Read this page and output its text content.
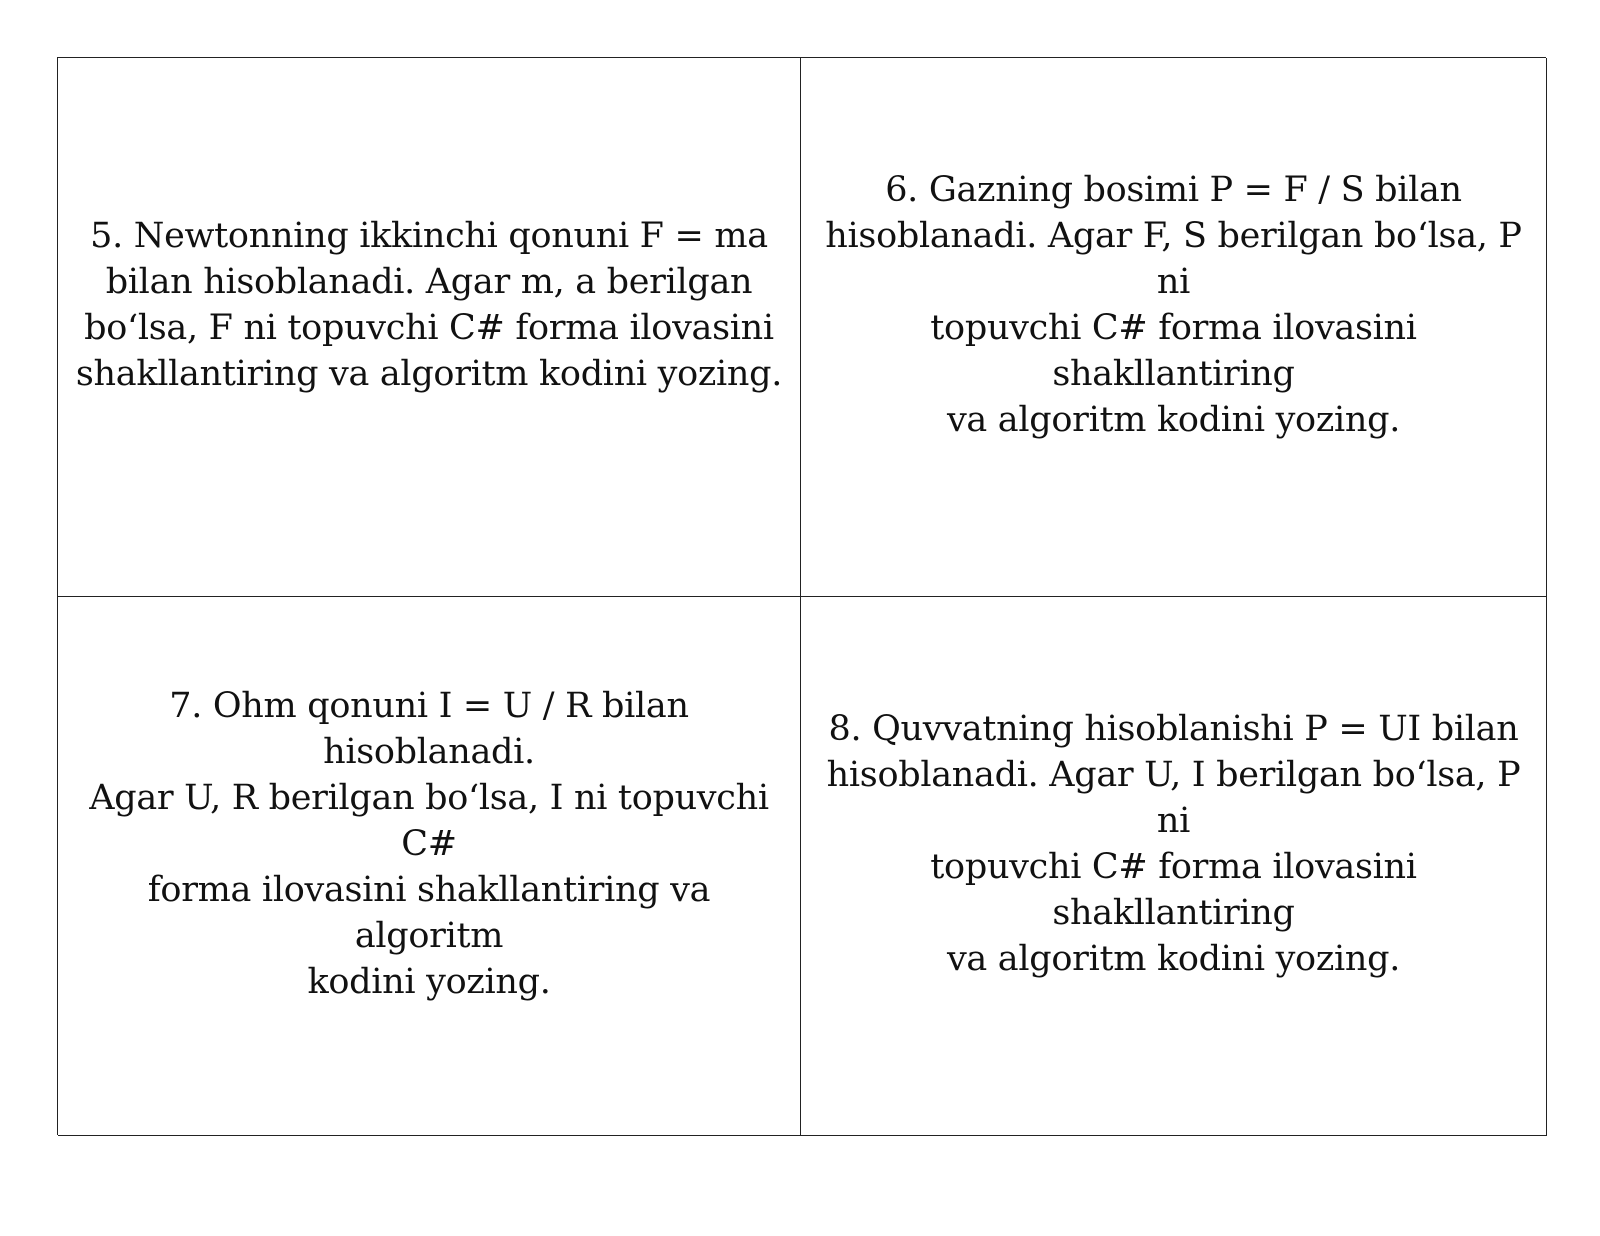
5. Newtonning ikkinchi qonuni F = ma
bilan hisoblanadi. Agar m, a berilgan
bo‘lsa, F ni topuvchi C# forma ilovasini
shakllantiring va algoritm kodini yozing.

6. Gazning bosimi P = F / S bilan
hisoblanadi. Agar F, S berilgan bo‘lsa, P ni
topuvchi C# forma ilovasini shakllantiring
va algoritm kodini yozing.

7. Ohm qonuni I = U / R bilan hisoblanadi.
Agar U, R berilgan bo‘lsa, I ni topuvchi C#
forma ilovasini shakllantiring va algoritm
kodini yozing.

8. Quvvatning hisoblanishi P = UI bilan
hisoblanadi. Agar U, I berilgan bo‘lsa, P ni
topuvchi C# forma ilovasini shakllantiring
va algoritm kodini yozing.
